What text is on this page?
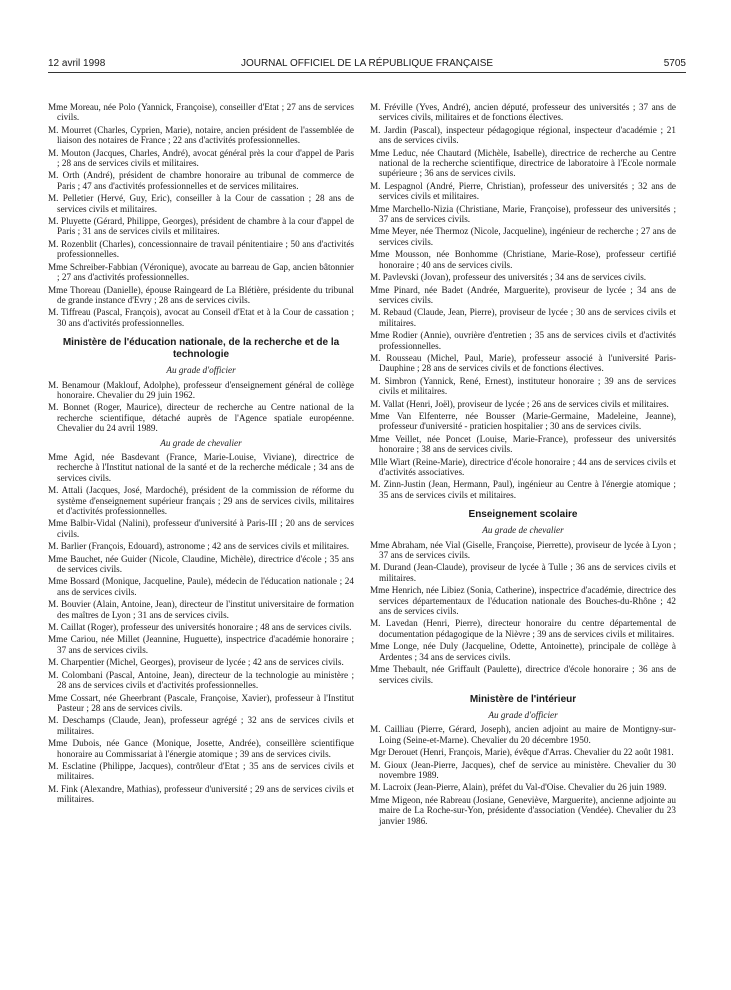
12 avril 1998	JOURNAL OFFICIEL DE LA RÉPUBLIQUE FRANÇAISE	5705

Mme Moreau, née Polo (Yannick, Françoise), conseiller d'Etat ; 27 ans de services civils.

M. Mourret (Charles, Cyprien, Marie), notaire, ancien président de l'assemblée de liaison des notaires de France ; 22 ans d'activités professionnelles.

M. Mouton (Jacques, Charles, André), avocat général près la cour d'appel de Paris ; 28 ans de services civils et militaires.

M. Orth (André), président de chambre honoraire au tribunal de commerce de Paris ; 47 ans d'activités professionnelles et de services militaires.

M. Pelletier (Hervé, Guy, Eric), conseiller à la Cour de cassation ; 28 ans de services civils et militaires.

M. Pluyette (Gérard, Philippe, Georges), président de chambre à la cour d'appel de Paris ; 31 ans de services civils et militaires.

M. Rozenblit (Charles), concessionnaire de travail pénitentiaire ; 50 ans d'activités professionnelles.

Mme Schreiber-Fabbian (Véronique), avocate au barreau de Gap, ancien bâtonnier ; 27 ans d'activités professionnelles.

Mme Thoreau (Danielle), épouse Raingeard de La Blétière, présidente du tribunal de grande instance d'Evry ; 28 ans de services civils.

M. Tiffreau (Pascal, François), avocat au Conseil d'Etat et à la Cour de cassation ; 30 ans d'activités professionnelles.

Ministère de l'éducation nationale, de la recherche et de la technologie
Au grade d'officier

M. Benamour (Maklouf, Adolphe), professeur d'enseignement général de collège honoraire. Chevalier du 29 juin 1962.

M. Bonnet (Roger, Maurice), directeur de recherche au Centre national de la recherche scientifique, détaché auprès de l'Agence spatiale européenne. Chevalier du 24 avril 1989.

Au grade de chevalier

Mme Agid, née Basdevant (France, Marie-Louise, Viviane), directrice de recherche à l'Institut national de la santé et de la recherche médicale ; 34 ans de services civils.

M. Attali (Jacques, José, Mardoché), président de la commission de réforme du système d'enseignement supérieur français ; 29 ans de services civils, militaires et d'activités professionnelles.

Mme Balbir-Vidal (Nalini), professeur d'université à Paris-III ; 20 ans de services civils.

M. Barlier (François, Edouard), astronome ; 42 ans de services civils et militaires.

Mme Bauchet, née Guider (Nicole, Claudine, Michèle), directrice d'école ; 35 ans de services civils.

Mme Bossard (Monique, Jacqueline, Paule), médecin de l'éducation nationale ; 24 ans de services civils.

M. Bouvier (Alain, Antoine, Jean), directeur de l'institut universitaire de formation des maîtres de Lyon ; 31 ans de services civils.

M. Caillat (Roger), professeur des universités honoraire ; 48 ans de services civils.

Mme Cariou, née Millet (Jeannine, Huguette), inspectrice d'académie honoraire ; 37 ans de services civils.

M. Charpentier (Michel, Georges), proviseur de lycée ; 42 ans de services civils.

M. Colombani (Pascal, Antoine, Jean), directeur de la technologie au ministère ; 28 ans de services civils et d'activités professionnelles.

Mme Cossart, née Gheerbrant (Pascale, Françoise, Xavier), professeur à l'Institut Pasteur ; 28 ans de services civils.

M. Deschamps (Claude, Jean), professeur agrégé ; 32 ans de services civils et militaires.

Mme Dubois, née Gance (Monique, Josette, Andrée), conseillère scientifique honoraire au Commissariat à l'énergie atomique ; 39 ans de services civils.

M. Esclatine (Philippe, Jacques), contrôleur d'Etat ; 35 ans de services civils et militaires.

M. Fink (Alexandre, Mathias), professeur d'université ; 29 ans de services civils et militaires.

M. Fréville (Yves, André), ancien député, professeur des universités ; 37 ans de services civils, militaires et de fonctions électives.

M. Jardin (Pascal), inspecteur pédagogique régional, inspecteur d'académie ; 21 ans de services civils.

Mme Leduc, née Chautard (Michèle, Isabelle), directrice de recherche au Centre national de la recherche scientifique, directrice de laboratoire à l'Ecole normale supérieure ; 36 ans de services civils.

M. Lespagnol (André, Pierre, Christian), professeur des universités ; 32 ans de services civils et militaires.

Mme Marchello-Nizia (Christiane, Marie, Françoise), professeur des universités ; 37 ans de services civils.

Mme Meyer, née Thermoz (Nicole, Jacqueline), ingénieur de recherche ; 27 ans de services civils.

Mme Mousson, née Bonhomme (Christiane, Marie-Rose), professeur certifié honoraire ; 40 ans de services civils.

M. Pavlevski (Jovan), professeur des universités ; 34 ans de services civils.

Mme Pinard, née Badet (Andrée, Marguerite), proviseur de lycée ; 34 ans de services civils.

M. Rebaud (Claude, Jean, Pierre), proviseur de lycée ; 30 ans de services civils et militaires.

Mme Rodier (Annie), ouvrière d'entretien ; 35 ans de services civils et d'activités professionnelles.

M. Rousseau (Michel, Paul, Marie), professeur associé à l'université Paris-Dauphine ; 28 ans de services civils et de fonctions électives.

M. Simbron (Yannick, René, Ernest), instituteur honoraire ; 39 ans de services civils et militaires.

M. Vallat (Henri, Joël), proviseur de lycée ; 26 ans de services civils et militaires.

Mme Van Elfenterre, née Bousser (Marie-Germaine, Madeleine, Jeanne), professeur d'université - praticien hospitalier ; 30 ans de services civils.

Mme Veillet, née Poncet (Louise, Marie-France), professeur des universités honoraire ; 38 ans de services civils.

Mlle Wiart (Reine-Marie), directrice d'école honoraire ; 44 ans de services civils et d'activités associatives.

M. Zinn-Justin (Jean, Hermann, Paul), ingénieur au Centre à l'énergie atomique ; 35 ans de services civils et militaires.

Enseignement scolaire
Au grade de chevalier

Mme Abraham, née Vial (Giselle, Françoise, Pierrette), proviseur de lycée à Lyon ; 37 ans de services civils.

M. Durand (Jean-Claude), proviseur de lycée à Tulle ; 36 ans de services civils et militaires.

Mme Henrich, née Libiez (Sonia, Catherine), inspectrice d'académie, directrice des services départementaux de l'éducation nationale des Bouches-du-Rhône ; 42 ans de services civils.

M. Lavedan (Henri, Pierre), directeur honoraire du centre départemental de documentation pédagogique de la Nièvre ; 39 ans de services civils et militaires.

Mme Longe, née Duly (Jacqueline, Odette, Antoinette), principale de collège à Ardentes ; 34 ans de services civils.

Mme Thebault, née Griffault (Paulette), directrice d'école honoraire ; 36 ans de services civils.

Ministère de l'intérieur
Au grade d'officier

M. Cailliau (Pierre, Gérard, Joseph), ancien adjoint au maire de Montigny-sur-Loing (Seine-et-Marne). Chevalier du 20 décembre 1950.

Mgr Derouet (Henri, François, Marie), évêque d'Arras. Chevalier du 22 août 1981.

M. Gioux (Jean-Pierre, Jacques), chef de service au ministère. Chevalier du 30 novembre 1989.

M. Lacroix (Jean-Pierre, Alain), préfet du Val-d'Oise. Chevalier du 26 juin 1989.

Mme Migeon, née Rabreau (Josiane, Geneviève, Marguerite), ancienne adjointe au maire de La Roche-sur-Yon, présidente d'association (Vendée). Chevalier du 23 janvier 1986.
